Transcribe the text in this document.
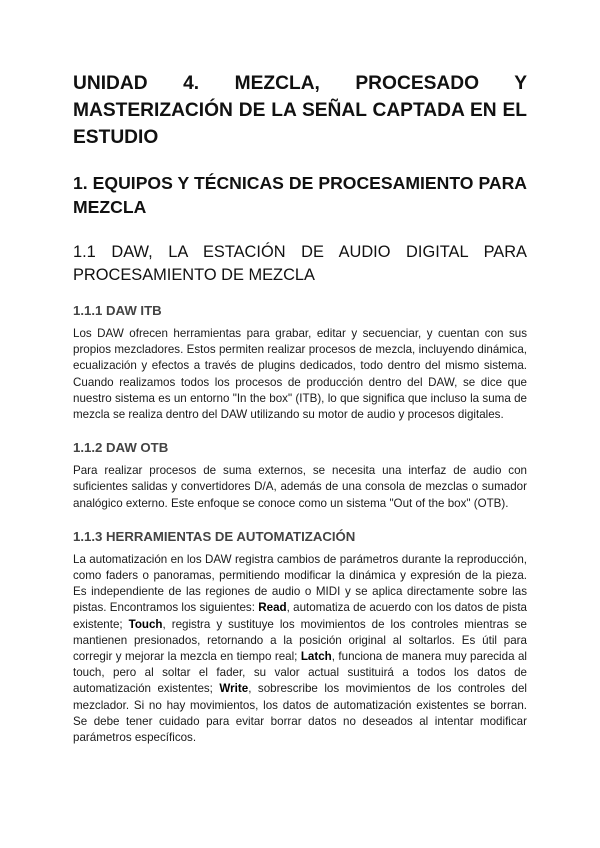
UNIDAD 4. MEZCLA, PROCESADO Y MASTERIZACIÓN DE LA SEÑAL CAPTADA EN EL ESTUDIO
1. EQUIPOS Y TÉCNICAS DE PROCESAMIENTO PARA MEZCLA
1.1 DAW, LA ESTACIÓN DE AUDIO DIGITAL PARA PROCESAMIENTO DE MEZCLA
1.1.1 DAW ITB

Los DAW ofrecen herramientas para grabar, editar y secuenciar, y cuentan con sus propios mezcladores. Estos permiten realizar procesos de mezcla, incluyendo dinámica, ecualización y efectos a través de plugins dedicados, todo dentro del mismo sistema. Cuando realizamos todos los procesos de producción dentro del DAW, se dice que nuestro sistema es un entorno "In the box" (ITB), lo que significa que incluso la suma de mezcla se realiza dentro del DAW utilizando su motor de audio y procesos digitales.

1.1.2 DAW OTB

Para realizar procesos de suma externos, se necesita una interfaz de audio con suficientes salidas y convertidores D/A, además de una consola de mezclas o sumador analógico externo. Este enfoque se conoce como un sistema "Out of the box" (OTB).

1.1.3 HERRAMIENTAS DE AUTOMATIZACIÓN

La automatización en los DAW registra cambios de parámetros durante la reproducción, como faders o panoramas, permitiendo modificar la dinámica y expresión de la pieza. Es independiente de las regiones de audio o MIDI y se aplica directamente sobre las pistas. Encontramos los siguientes: Read, automatiza de acuerdo con los datos de pista existente; Touch, registra y sustituye los movimientos de los controles mientras se mantienen presionados, retornando a la posición original al soltarlos. Es útil para corregir y mejorar la mezcla en tiempo real; Latch, funciona de manera muy parecida al touch, pero al soltar el fader, su valor actual sustituirá a todos los datos de automatización existentes; Write, sobrescribe los movimientos de los controles del mezclador. Si no hay movimientos, los datos de automatización existentes se borran. Se debe tener cuidado para evitar borrar datos no deseados al intentar modificar parámetros específicos.
